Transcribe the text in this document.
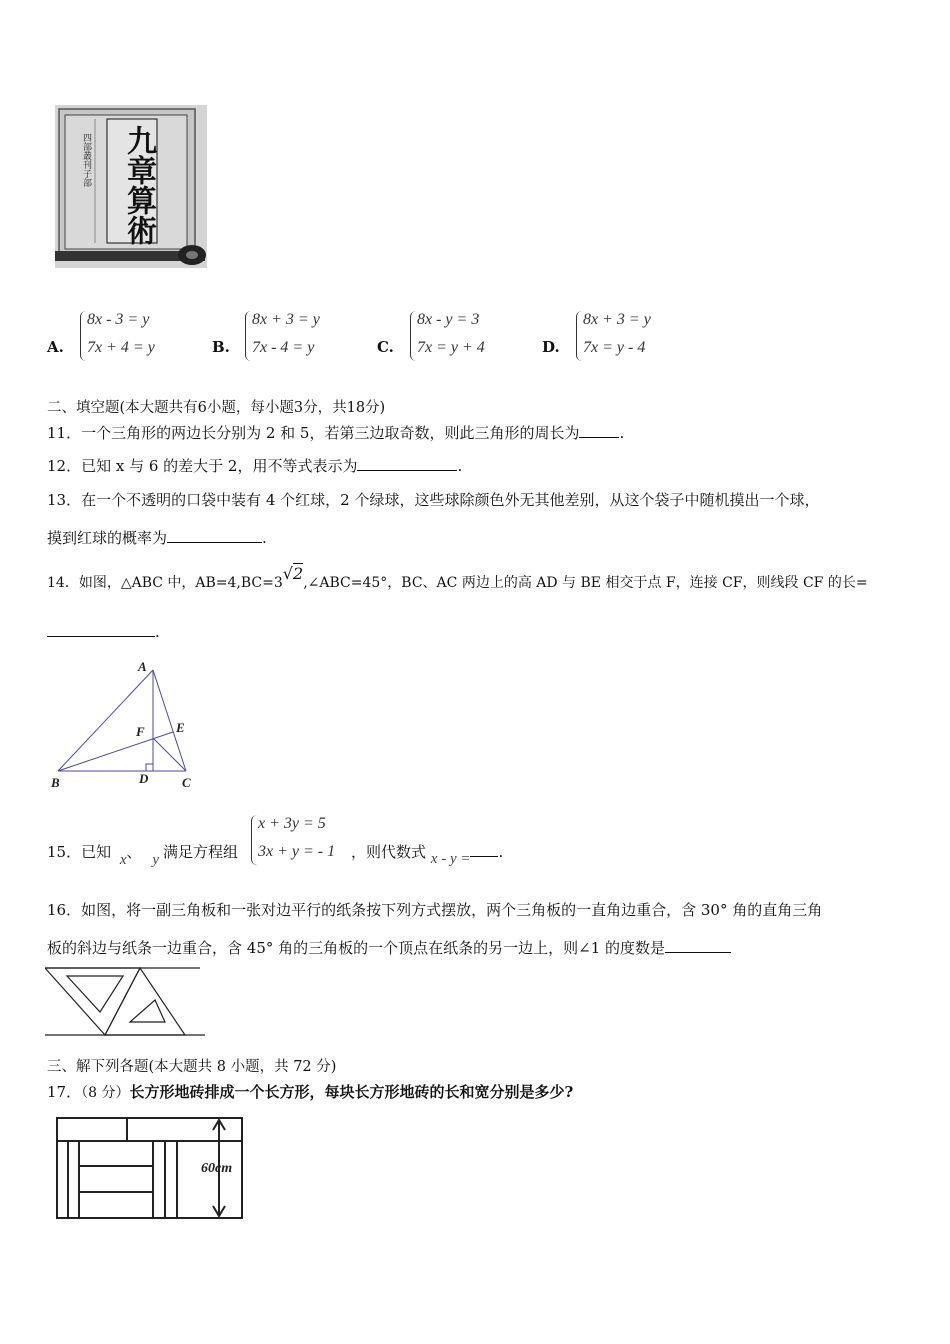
九章算術
四部叢刊子部
A.
8x - 3 = y
7x + 4 = y	B.
8x + 3 = y
7x - 4 = y	C.
8x - y = 3
7x = y + 4	D.
8x + 3 = y
7x = y - 4
二、填空题(本大题共有6小题，每小题3分，共18分)
11．一个三角形的两边长分别为 2 和 5，若第三边取奇数，则此三角形的周长为	.
12．已知 x 与 6 的差大于 2，用不等式表示为	.
13．在一个不透明的口袋中装有 4 个红球，2 个绿球，这些球除颜色外无其他差别，从这个袋子中随机摸出一个球，
摸到红球的概率为	.
14．如图，△ABC 中，AB=4,BC=3√2,∠ABC=45°，BC、AC 两边上的高 AD 与 BE 相交于点 F，连接 CF，则线段 CF 的长=
.
A
B	C
D
E
F
15．已知 x、 y 满足方程组
x + 3y = 5
3x + y = - 1 ，则代数式 x - y = .
16．如图，将一副三角板和一张对边平行的纸条按下列方式摆放，两个三角板的一直角边重合，含 30° 角的直角三角
板的斜边与纸条一边重合，含 45° 角的三角板的一个顶点在纸条的另一边上，则∠1 的度数是
三、解下列各题(本大题共 8 小题，共 72 分)
17．（8 分）长方形地砖排成一个长方形，每块长方形地砖的长和宽分别是多少?
60cm
